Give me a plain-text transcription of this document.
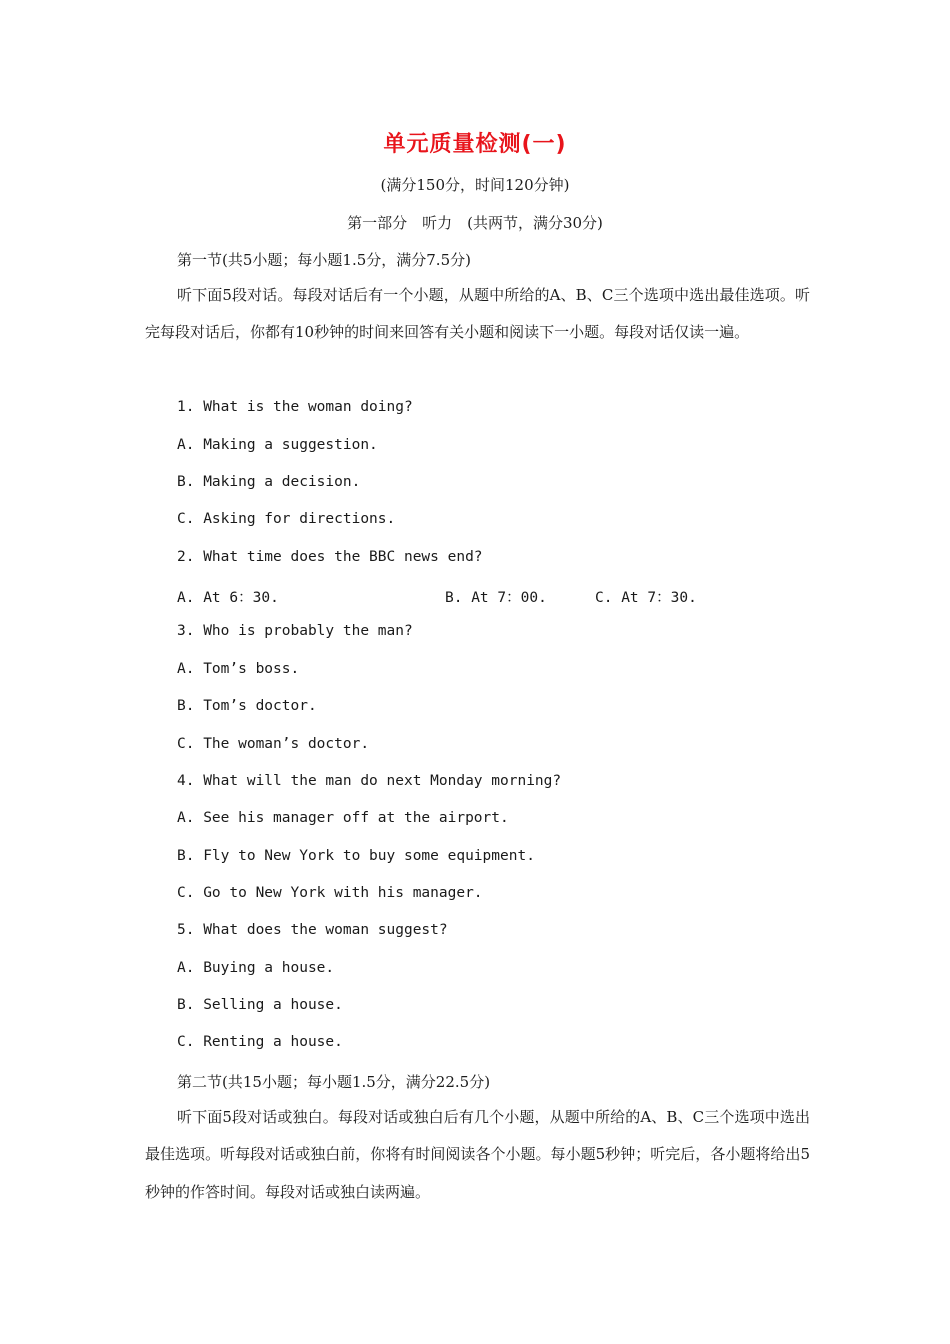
单元质量检测(一)
(满分150分，时间120分钟)
第一部分　听力　(共两节，满分30分)
第一节(共5小题；每小题1.5分，满分7.5分)
听下面5段对话。每段对话后有一个小题，从题中所给的A、B、C三个选项中选出最佳选项。听完每段对话后，你都有10秒钟的时间来回答有关小题和阅读下一小题。每段对话仅读一遍。
1. What is the woman doing?
A. Making a suggestion.
B. Making a decision.
C. Asking for directions.
2. What time does the BBC news end?
A. At 6：30.	B. At 7：00.	C. At 7：30.
3. Who is probably the man?
A. Tom’s boss.
B. Tom’s doctor.
C. The woman’s doctor.
4. What will the man do next Monday morning?
A. See his manager off at the airport.
B. Fly to New York to buy some equipment.
C. Go to New York with his manager.
5. What does the woman suggest?
A. Buying a house.
B. Selling a house.
C. Renting a house.
第二节(共15小题；每小题1.5分，满分22.5分)
听下面5段对话或独白。每段对话或独白后有几个小题，从题中所给的A、B、C三个选项中选出最佳选项。听每段对话或独白前，你将有时间阅读各个小题。每小题5秒钟；听完后，各小题将给出5秒钟的作答时间。每段对话或独白读两遍。
